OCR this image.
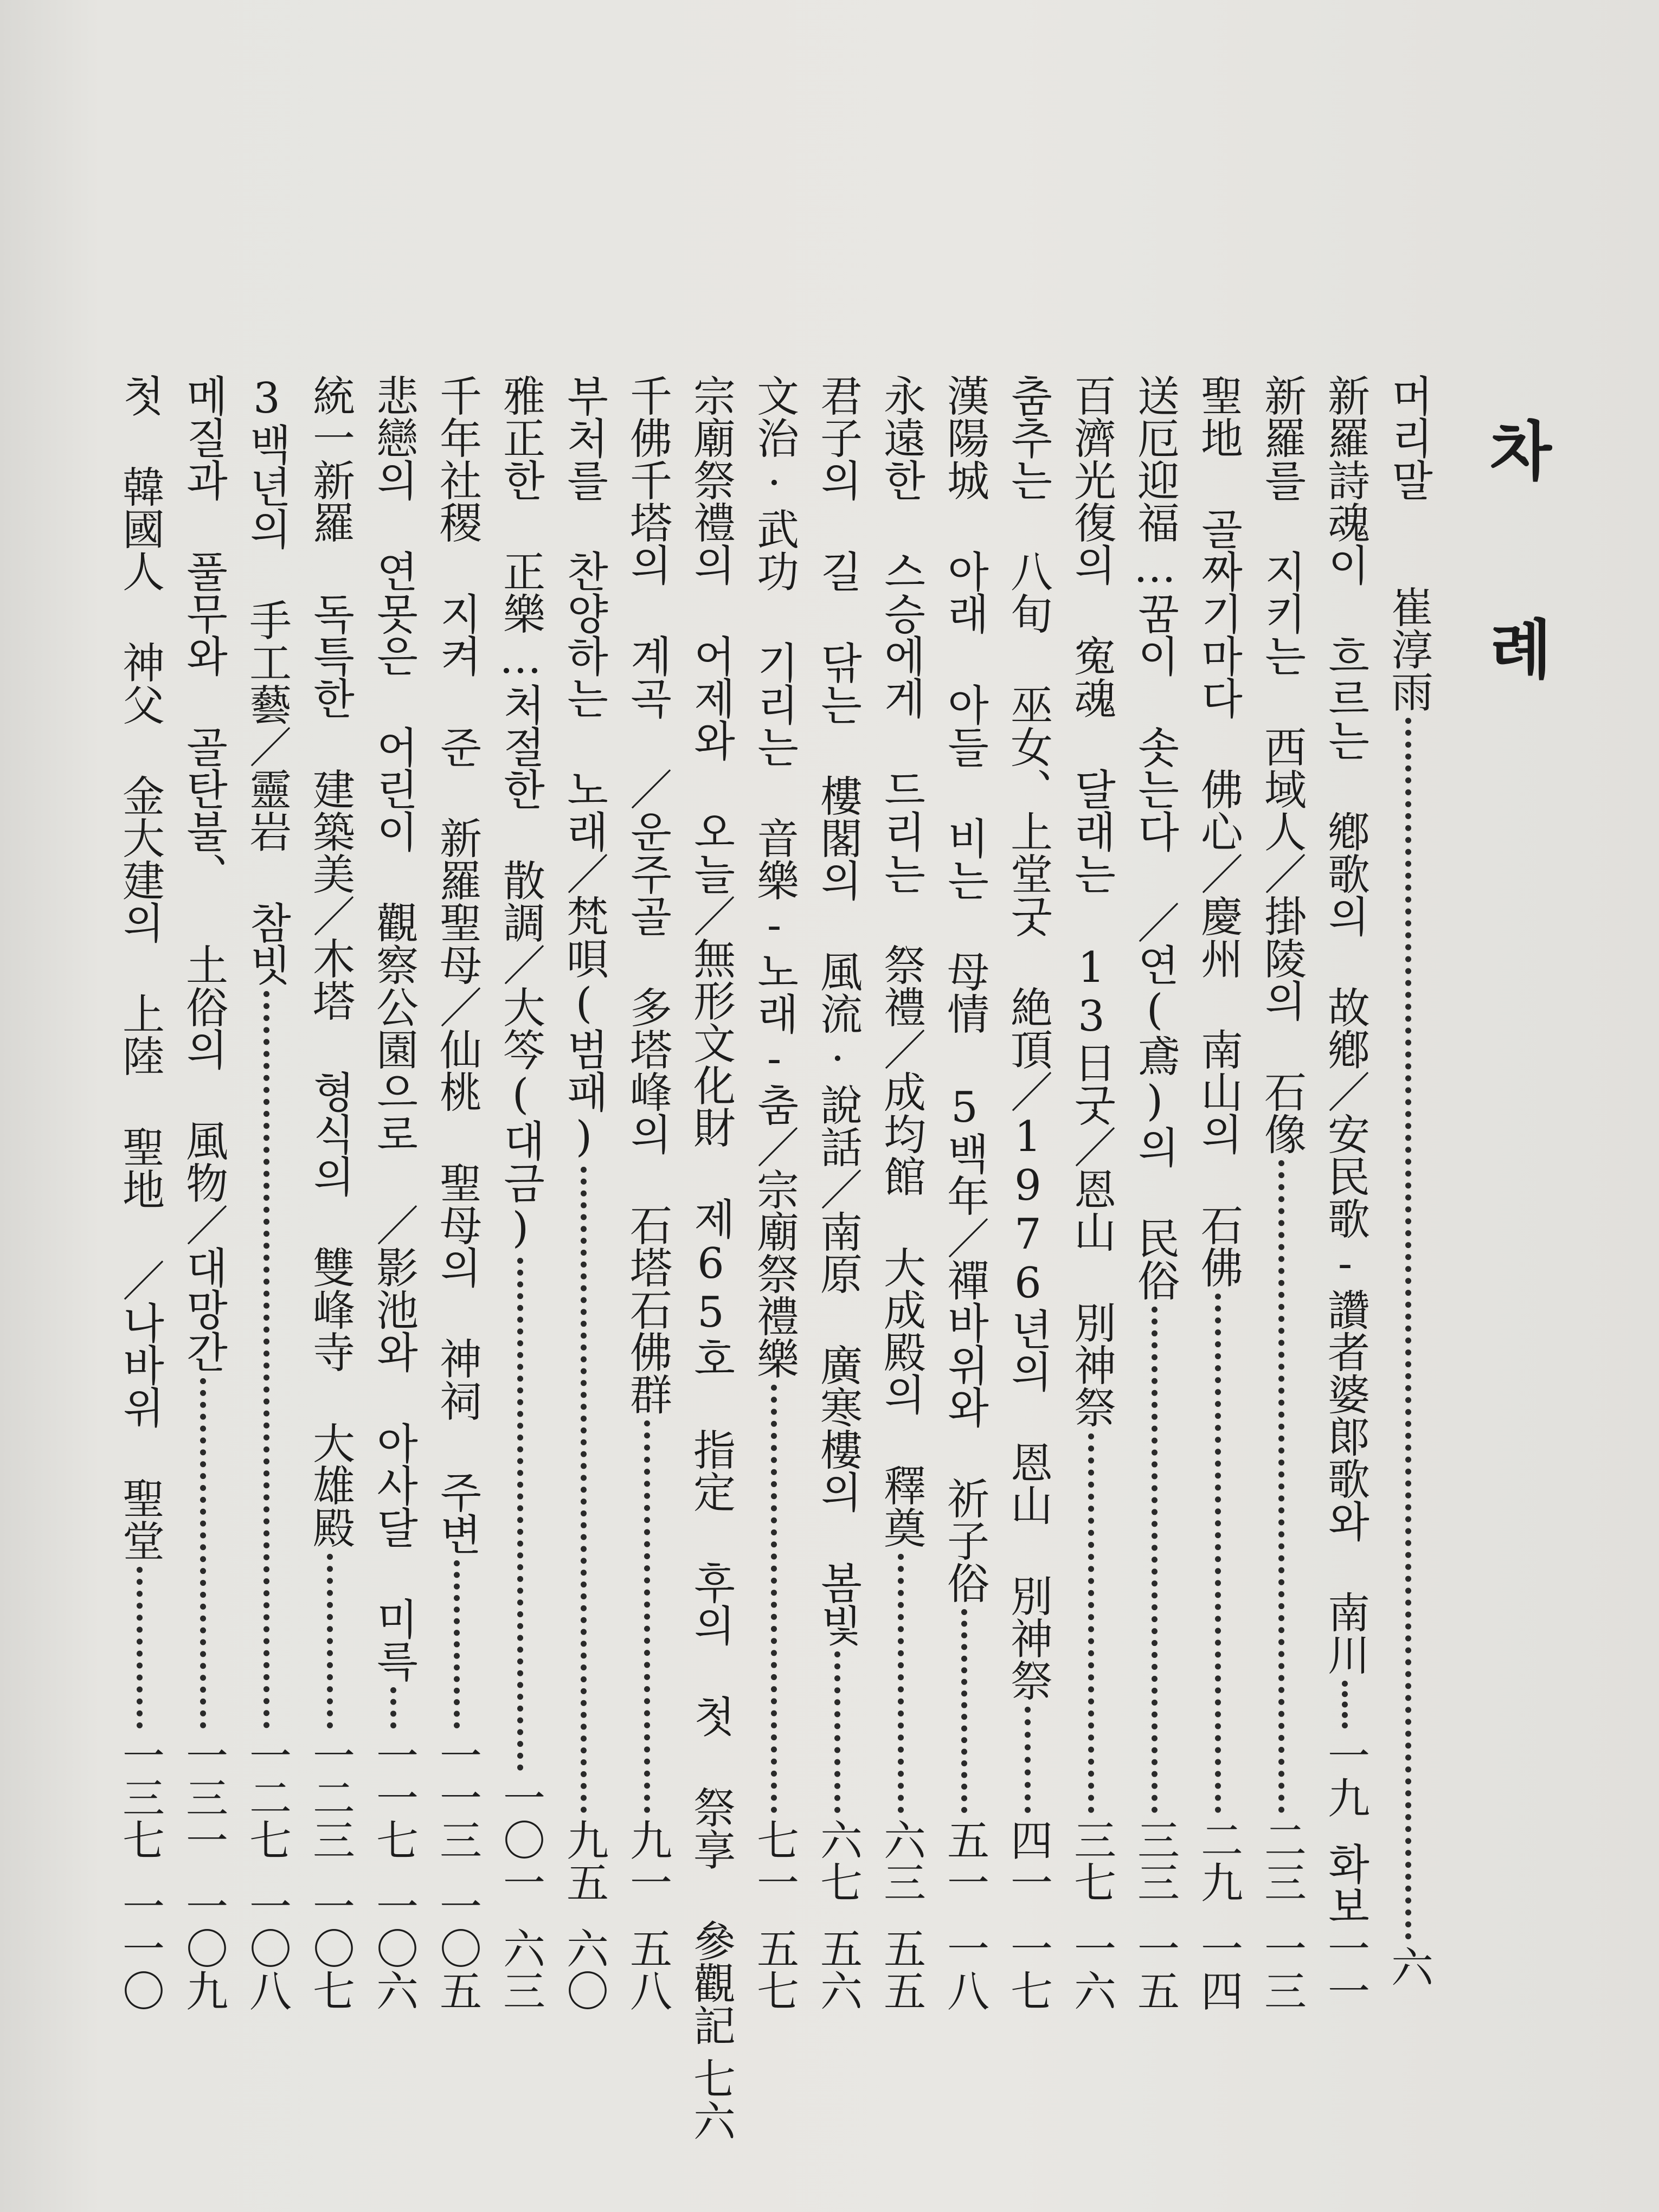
차 례
머리말　　崔淳雨
六
新羅詩魂이 흐르는 鄕歌의 故鄕／安民歌-讚者婆郞歌와 南川
一九
화보一一
新羅를 지키는 西域人／掛陵의 石像
二三
一三
聖地 골짜기마다 佛心／慶州 南山의 石佛
二九
一四
送厄迎福…꿈이 솟는다 ／연(鳶)의 民俗
三三
一五
百濟光復의 寃魂 달래는 13日굿／恩山 別神祭
三七
一六
춤추는 八旬 巫女、上堂굿 絶頂／1976년의 恩山 別神祭
四一
一七
漢陽城 아래 아들 비는 母情 5백年／禪바위와 祈子俗
五一
一八
永遠한 스승에게 드리는 祭禮／成均館 大成殿의 釋奠
六三
五五
君子의 길 닦는 樓閣의 風流·說話／南原 廣寒樓의 봄빛
六七
五六
文治·武功 기리는 音樂-노래-춤／宗廟祭禮樂
七一
五七
宗廟祭禮의 어제와 오늘／無形文化財 제65호 指定 후의 첫 祭享 參觀記
七六
千佛千塔의 계곡 ／운주골 多塔峰의 石塔石佛群
九一
五八
부처를 찬양하는 노래／梵唄(범패)
九五
六〇
雅正한 正樂…처절한 散調／大笒(대금)
一〇一
六三
千年社稷 지켜 준 新羅聖母／仙桃 聖母의 神祠 주변
一一三
一〇五
悲戀의 연못은 어린이 觀察公園으로 ／影池와 아사달 미륵
一一七
一〇六
統一新羅 독특한 建築美／木塔 형식의 雙峰寺 大雄殿
一二三
一〇七
3백년의 手工藝／靈岩 참빗
一二七
一〇八
메질과 풀무와 골탄불、 土俗의 風物／대망간
一三一
一〇九
첫 韓國人 神父 金大建의 上陸 聖地 ／나바위 聖堂
一三七
一一〇
